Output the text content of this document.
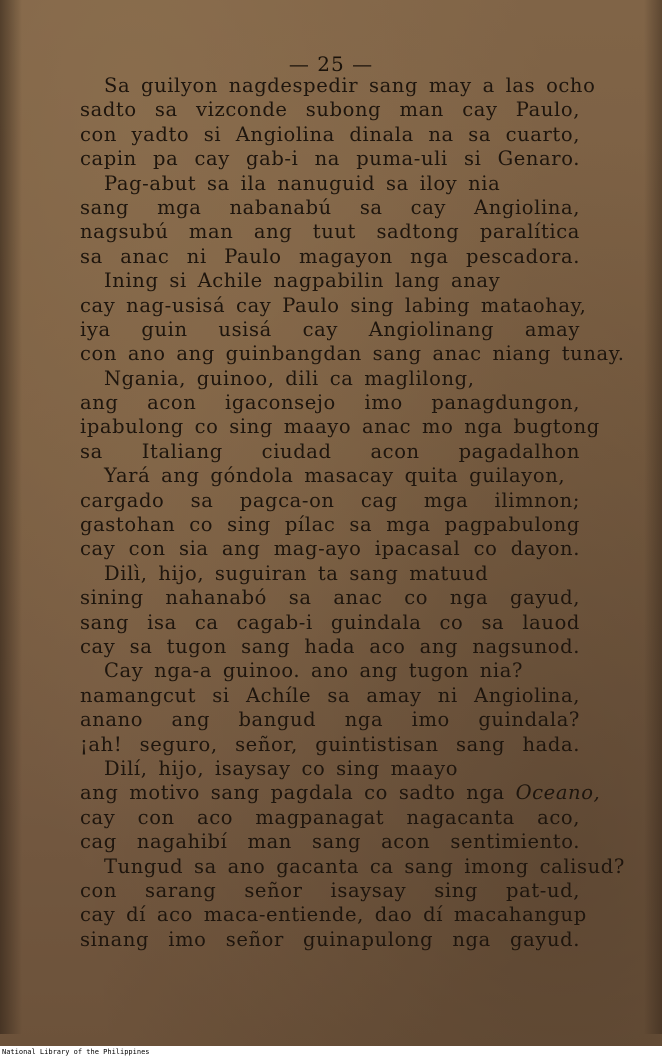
— 25 —
Sa guilyon nagdespedir sang may a las ocho
sadto sa vizconde subong man cay Paulo,
con yadto si Angiolina dinala na sa cuarto,
capin pa cay gab-i na puma-uli si Genaro.
Pag-abut sa ila nanuguid sa iloy nia
sang mga nabanabú sa cay Angiolina,
nagsubú man ang tuut sadtong paralítica
sa anac ni Paulo magayon nga pescadora.
Ining si Achile nagpabilin lang anay
cay nag-usisá cay Paulo sing labing mataohay,
iya guin usisá cay Angiolinang amay
con ano ang guinbangdan sang anac niang tunay.
Ngania, guinoo, dili ca maglilong,
ang acon igaconsejo imo panagdungon,
ipabulong co sing maayo anac mo nga bugtong
sa Italiang ciudad acon pagadalhon
Yará ang góndola masacay quita guilayon,
cargado sa pagca-on cag mga ilimnon;
gastohan co sing pílac sa mga pagpabulong
cay con sia ang mag-ayo ipacasal co dayon.
Dilì, hijo, suguiran ta sang matuud
sining nahanabó sa anac co nga gayud,
sang isa ca cagab-i guindala co sa lauod
cay sa tugon sang hada aco ang nagsunod.
Cay nga-a guinoo. ano ang tugon nia?
namangcut si Achíle sa amay ni Angiolina,
anano ang bangud nga imo guindala?
¡ah! seguro, señor, guintistisan sang hada.
Dilí, hijo, isaysay co sing maayo
ang motivo sang pagdala co sadto nga Oceano,
cay con aco magpanagat nagacanta aco,
cag nagahibí man sang acon sentimiento.
Tungud sa ano gacanta ca sang imong calisud?
con sarang señor isaysay sing pat-ud,
cay dí aco maca-entiende, dao dí macahangup
sinang imo señor guinapulong nga gayud.
National Library of the Philippines
